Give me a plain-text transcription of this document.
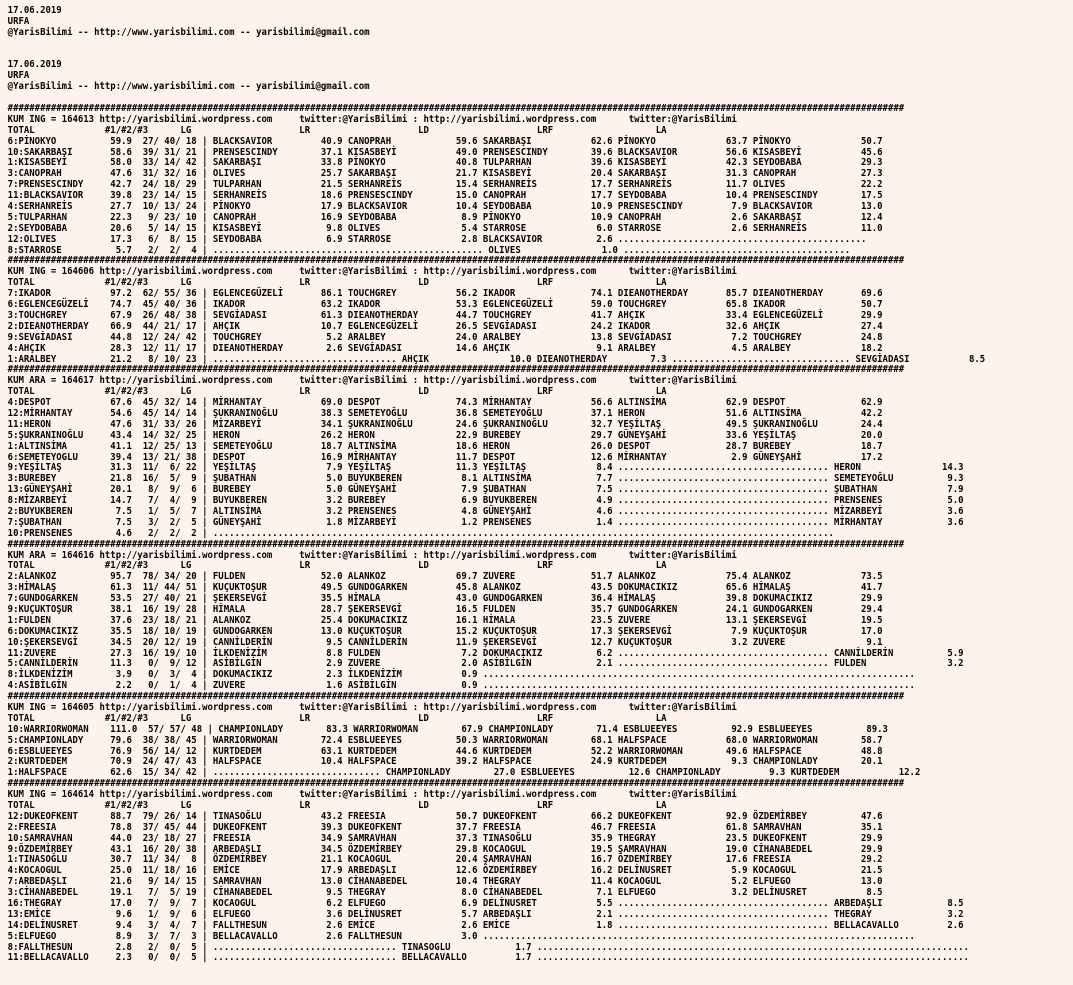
17.06.2019
URFA
@YarisBilimi -- http://www.yarisbilimi.com -- yarisbilimi@gmail.com
17.06.2019
URFA
@YarisBilimi -- http://www.yarisbilimi.com -- yarisbilimi@gmail.com
######################################################################################################################################################################
KUM ING = 164613 http://yarisbilimi.wordpress.com     twitter:@YarisBilimi : http://yarisbilimi.wordpress.com      twitter:@YarisBilimi
TOTAL             #1/#2/#3      LG                    LR                    LD                    LRF                   LA
6:PİNOKYO          59.9  27/ 40/ 18 | BLACKSAVIOR         40.9 CANOPRAH            59.6 SAKARBAŞI           62.6 PİNOKYO             63.7 PİNOKYO             50.7
10:SAKARBAŞI       58.6  39/ 31/ 21 | PRENSESCINDY        37.1 KISASBEYİ           49.0 PRENSESCINDY        39.6 BLACKSAVIOR         56.6 KISASBEYİ           45.6
1:KISASBEYİ        58.0  33/ 14/ 42 | SAKARBAŞI           33.8 PİNOKYO             40.8 TULPARHAN           39.6 KISASBEYİ           42.3 SEYDOBABA           29.3
3:CANOPRAH         47.6  31/ 32/ 16 | OLIVES              25.7 SAKARBAŞI           21.7 KISASBEYİ           20.4 SAKARBAŞI           31.3 CANOPRAH            27.3
7:PRENSESCINDY     42.7  24/ 18/ 29 | TULPARHAN           21.5 SERHANREİS          15.4 SERHANREİS          17.7 SERHANREİS          11.7 OLIVES              22.2
11:BLACKSAVIOR     39.8  23/ 14/ 15 | SERHANREİS          18.6 PRENSESCINDY        15.0 CANOPRAH            17.7 SEYDOBABA           10.4 PRENSESCINDY        17.5
4:SERHANREİS       27.7  10/ 13/ 24 | PİNOKYO             17.9 BLACKSAVIOR         10.4 SEYDOBABA           10.9 PRENSESCINDY         7.9 BLACKSAVIOR         13.0
5:TULPARHAN        22.3   9/ 23/ 10 | CANOPRAH            16.9 SEYDOBABA            8.9 PİNOKYO             10.9 CANOPRAH             2.6 SAKARBAŞI           12.4
2:SEYDOBABA        20.6   5/ 14/ 15 | KISASBEYİ            9.8 OLIVES               5.4 STARROSE             6.0 STARROSE             2.6 SERHANREİS          11.0
12:OLIVES          17.3   6/  8/ 15 | SEYDOBABA            6.9 STARROSE             2.8 BLACKSAVIOR          2.6 ..............................................
8:STARROSE          5.7   2/  2/  4 | .................................................. OLIVES               1.0 ..........................................
######################################################################################################################################################################
KUM ING = 164606 http://yarisbilimi.wordpress.com     twitter:@YarisBilimi : http://yarisbilimi.wordpress.com      twitter:@YarisBilimi
TOTAL             #1/#2/#3      LG                    LR                    LD                    LRF                   LA
7:IKADOR           97.2  62/ 55/ 36 | EGLENCEGÜZELİ       86.1 TOUCHGREY           56.2 IKADOR              74.1 DIEANOTHERDAY       85.7 DIEANOTHERDAY       69.6
6:EGLENCEGÜZELİ    74.7  45/ 40/ 36 | IKADOR              63.2 IKADOR              53.3 EGLENCEGÜZELİ       59.0 TOUCHGREY           65.8 IKADOR              50.7
3:TOUCHGREY        67.9  26/ 48/ 38 | SEVGİADASI          61.3 DIEANOTHERDAY       44.7 TOUCHGREY           41.7 AHÇIK               33.4 EGLENCEGÜZELİ       29.9
2:DIEANOTHERDAY    66.9  44/ 21/ 17 | AHÇIK               10.7 EGLENCEGÜZELİ       26.5 SEVGİADASI          24.2 IKADOR              32.6 AHÇIK               27.4
9:SEVGİADASI       44.8  12/ 24/ 42 | TOUCHGREY            5.2 ARALBEY             24.0 ARALBEY             13.8 SEVGİADASI           7.2 TOUCHGREY           24.8
4:AHÇIK            28.3  12/ 11/ 17 | DIEANOTHERDAY        2.6 SEVGİADASI          14.6 AHÇIK                9.1 ARALBEY              4.5 ARALBEY             18.2
1:ARALBEY          21.2   8/ 10/ 23 | .................................. AHÇIK               10.0 DIEANOTHERDAY        7.3 ................................. SEVGİADASI           8.5
######################################################################################################################################################################
KUM ARA = 164617 http://yarisbilimi.wordpress.com     twitter:@YarisBilimi : http://yarisbilimi.wordpress.com      twitter:@YarisBilimi
TOTAL             #1/#2/#3      LG                    LR                    LD                    LRF                   LA
4:DESPOT           67.6  45/ 32/ 14 | MİRHANTAY           69.0 DESPOT              74.3 MİRHANTAY           56.6 ALTINSİMA           62.9 DESPOT              62.9
12:MİRHANTAY       54.6  45/ 14/ 14 | ŞUKRANINOĞLU        38.3 SEMETEYOĞLU         36.8 SEMETEYOĞLU         37.1 HERON               51.6 ALTINSİMA           42.2
11:HERON           47.6  31/ 33/ 26 | MİZARBEYİ           34.1 ŞUKRANINOĞLU        24.6 ŞUKRANINOĞLU        32.7 YEŞİLTAŞ            49.5 ŞUKRANINOĞLU        24.4
5:ŞUKRANINOĞLU     43.4  14/ 32/ 25 | HERON               26.2 HERON               22.9 BUREBEY             29.7 GÜNEYŞAHİ           33.6 YEŞİLTAŞ            20.0
1:ALTINSİMA        41.1  12/ 25/ 13 | SEMETEYOĞLU         18.7 ALTINSİMA           18.6 HERON               26.0 DESPOT              28.7 BUREBEY             18.7
6:SEMETEYOGLU      39.4  13/ 21/ 38 | DESPOT              16.9 MİRHANTAY           11.7 DESPOT              12.6 MİRHANTAY            2.9 GÜNEYŞAHİ           17.2
9:YEŞİLTAŞ         31.3  11/  6/ 22 | YEŞİLTAŞ             7.9 YEŞİLTAŞ            11.3 YEŞİLTAŞ             8.4 ....................................... HERON               14.3
3:BUREBEY          21.8  16/  5/  9 | ŞUBATHAN             5.0 BUYUKBEREN           8.1 ALTINSİMA            7.7 ....................................... SEMETEYOĞLU          9.3
13:GÜNEYŞAHİ       20.1   8/  9/  6 | BUREBEY              5.0 GÜNEYŞAHİ            7.9 ŞUBATHAN             7.5 ....................................... ŞUBATHAN             7.9
8:MİZARBEYİ        14.7   7/  4/  9 | BUYUKBEREN           3.2 BUREBEY              6.9 BUYUKBEREN           4.9 ....................................... PRENSENES            5.0
2:BUYUKBEREN        7.5   1/  5/  7 | ALTINSİMA            3.2 PRENSENES            4.8 GÜNEYŞAHİ            4.6 ....................................... MİZARBEYİ            3.6
7:ŞUBATHAN          7.5   3/  2/  5 | GÜNEYŞAHİ            1.8 MİZARBEYİ            1.2 PRENSENES            1.4 ....................................... MİRHANTAY            3.6
10:PRENSENES        4.6   2/  2/  2 | ...................................................................................................................
######################################################################################################################################################################
KUM ARA = 164616 http://yarisbilimi.wordpress.com     twitter:@YarisBilimi : http://yarisbilimi.wordpress.com      twitter:@YarisBilimi
TOTAL             #1/#2/#3      LG                    LR                    LD                    LRF                   LA
2:ALANKOZ          95.7  78/ 34/ 20 | FULDEN              52.0 ALANKOZ             69.7 ZUVERE              51.7 ALANKOZ             75.4 ALANKOZ             73.5
3:HİMALAŞ          61.3  11/ 44/ 51 | KUÇUKTOŞUR          49.5 GUNDOGARKEN         45.8 ALANKOZ             43.5 DOKUMACIKIZ         65.6 HİMALAŞ             41.7
7:GUNDOGARKEN      53.5  27/ 40/ 21 | ŞEKERSEVGİ          35.5 HİMALA              43.0 GUNDOGARKEN         36.4 HİMALAŞ             39.8 DOKUMACIKIZ         29.9
9:KUÇUKTOŞUR       38.1  16/ 19/ 28 | HİMALA              28.7 ŞEKERSEVGİ          16.5 FULDEN              35.7 GUNDOGARKEN         24.1 GUNDOGARKEN         29.4
1:FULDEN           37.6  23/ 18/ 21 | ALANKOZ             25.4 DOKUMACIKIZ         16.1 HİMALA              23.5 ZUVERE              13.1 ŞEKERSEVGİ          19.5
6:DOKUMACIKIZ      35.5  18/ 10/ 19 | GUNDOGARKEN         13.0 KUÇUKTOŞUR          15.2 KUÇUKTOŞUR          17.3 ŞEKERSEVGİ           7.9 KUÇUKTOŞUR          17.0
10:ŞEKERSEVGİ      34.5  20/ 12/ 19 | CANNİLDERİN          9.5 CANNİLDERİN         11.9 ŞEKERSEVGİ          12.7 KUÇUKTOŞUR           3.2 ZUVERE               9.1
11:ZUVERE          27.3  16/ 19/ 10 | İLKDENİZİM           8.8 FULDEN               7.2 DOKUMACIKIZ          6.2 ....................................... CANNİLDERİN          5.9
5:CANNİLDERİN      11.3   0/  9/ 12 | ASİBİLGİN            2.9 ZUVERE               2.0 ASİBİLGİN            2.1 ....................................... FULDEN               3.2
8:İLKDENİZİM        3.9   0/  3/  4 | DOKUMACIKIZ          2.3 İLKDENİZİM           0.9 ................................................................................
4:ASİBİLGİN         2.2   0/  1/  4 | ZUVERE               1.6 ASİBİLGİN            0.9 ................................................................................
######################################################################################################################################################################
KUM ING = 164605 http://yarisbilimi.wordpress.com     twitter:@YarisBilimi : http://yarisbilimi.wordpress.com      twitter:@YarisBilimi
TOTAL             #1/#2/#3      LG                    LR                    LD                    LRF                   LA
10:WARRIORWOMAN    111.0  57/ 57/ 48 | CHAMPIONLADY        83.3 WARRIORWOMAN        67.9 CHAMPIONLADY        71.4 ESBLUEEYES          92.9 ESBLUEEYES          89.3
5:CHAMPIONLADY     79.6  38/ 38/ 45 | WARRIORWOMAN        72.4 ESBLUEEYES          50.3 WARRIORWOMAN        68.1 HALFSPACE           68.0 WARRIORWOMAN        58.7
6:ESBLUEEYES       76.9  56/ 14/ 12 | KURTDEDEM           63.1 KURTDEDEM           44.6 KURTDEDEM           52.2 WARRIORWOMAN        49.6 HALFSPACE           48.8
2:KURTDEDEM        70.9  24/ 47/ 43 | HALFSPACE           10.4 HALFSPACE           39.2 HALFSPACE           24.9 KURTDEDEM            9.3 CHAMPIONLADY        20.1
1:HALFSPACE        62.6  15/ 34/ 42 | ............................... CHAMPIONLADY        27.0 ESBLUEEYES          12.6 CHAMPIONLADY         9.3 KURTDEDEM           12.2
######################################################################################################################################################################
KUM ING = 164614 http://yarisbilimi.wordpress.com     twitter:@YarisBilimi : http://yarisbilimi.wordpress.com      twitter:@YarisBilimi
TOTAL             #1/#2/#3      LG                    LR                    LD                    LRF                   LA
12:DUKEOFKENT      88.7  79/ 26/ 14 | TINASOĞLU           43.2 FREESIA             50.7 DUKEOFKENT          66.2 DUKEOFKENT          92.9 ÖZDEMİRBEY          47.6
2:FREESIA          78.8  37/ 45/ 44 | DUKEOFKENT          39.3 DUKEOFKENT          37.7 FREESIA             46.7 FREESIA             61.8 SAMRAVHAN           35.1
10:SAMRAVHAN       44.0  23/ 18/ 27 | FREESIA             34.9 SAMRAVHAN           37.3 TINASOĞLU           35.9 THEGRAY             23.5 DUKEOFKENT          29.9
9:ÖZDEMİRBEY       43.1  16/ 20/ 38 | ARBEDAŞLI           34.5 ÖZDEMİRBEY          29.8 KOCAOGUL            19.5 ŞAMRAVHAN           19.0 CİHANABEDEL         29.9
1:TINASOĞLU        30.7  11/ 34/  8 | ÖZDEMİRBEY          21.1 KOCAOGUL            20.4 ŞAMRAVHAN           16.7 ÖZDEMİRBEY          17.6 FREESIA             29.2
4:KOCAOGUL         25.0  11/ 18/ 16 | EMİCE               17.9 ARBEDAŞLI           12.6 ÖZDEMİRBEY          16.2 DELİNUSRET           5.9 KOCAOGUL            21.5
7:ARBEDAŞLI        21.6   9/ 14/ 15 | SAMRAVHAN           13.0 CİHANABEDEL         10.4 THEGRAY             11.4 KOCAOGUL             5.2 ELFUEGO             13.0
3:CİHANABEDEL      19.1   7/  5/ 19 | CİHANABEDEL          9.5 THEGRAY              8.0 CİHANABEDEL          7.1 ELFUEGO              3.2 DELİNUSRET           8.5
16:THEGRAY         17.0   7/  9/  7 | KOCAOGUL             6.2 ELFUEGO              6.9 DELİNUSRET           5.5 ....................................... ARBEDAŞLI            8.5
13:EMİCE            9.6   1/  9/  6 | ELFUEGO              3.6 DELİNUSRET           5.7 ARBEDAŞLI            2.1 ....................................... THEGRAY              3.2
14:DELİNUSRET       9.4   3/  4/  7 | FALLTHESUN           2.6 EMİCE                2.6 EMİCE                1.8 ....................................... BELLACAVALLO         2.6
5:ELFUEGO           8.9   3/  7/  3 | BELLACAVALLO         2.6 FALLTHESUN           3.0 ................................................................................
8:FALLTHESUN        2.8   2/  0/  5 | .................................. TINASOGLU            1.7 ................................................................................
11:BELLACAVALLO     2.3   0/  0/  5 | .................................. BELLACAVALLO         1.7 ................................................................................
